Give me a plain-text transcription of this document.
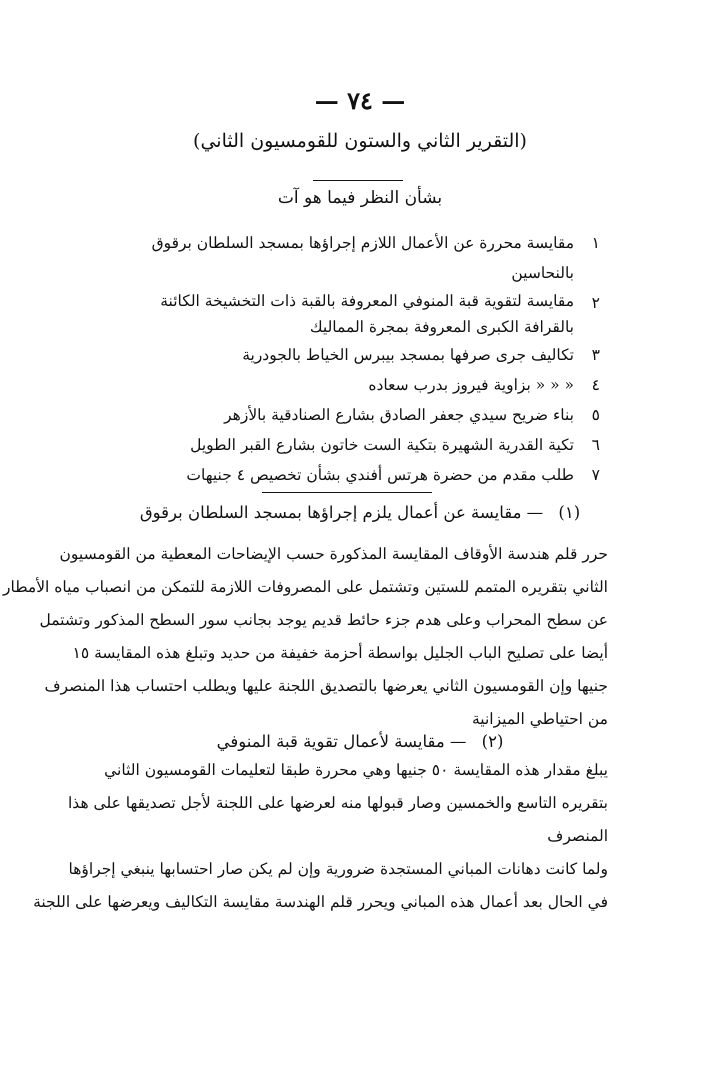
— ٧٤ —
(التقرير الثاني والستون للقومسيون الثاني)
بشأن النظر فيما هو آت
١
مقايسة محررة عن الأعمال اللازم إجراؤها بمسجد السلطان برقوق بالنحاسين
٢
مقايسة لتقوية قبة المنوفي المعروفة بالقبة ذات التخشيخة الكائنة بالقرافة الكبرى المعروفة بمجرة المماليك
٣
تكاليف جرى صرفها بمسجد بيبرس الخياط بالجودرية
٤
« « « بزاوية فيروز بدرب سعاده
٥
بناء ضريح سيدي جعفر الصادق بشارع الصنادقية بالأزهر
٦
تكية القدرية الشهيرة بتكية الست خاتون بشارع القبر الطويل
٧
طلب مقدم من حضرة هرتس أفندي بشأن تخصيص ٤ جنيهات
(١) — مقايسة عن أعمال يلزم إجراؤها بمسجد السلطان برقوق
حرر قلم هندسة الأوقاف المقايسة المذكورة حسب الإيضاحات المعطية من القومسيون
الثاني بتقريره المتمم للستين وتشتمل على المصروفات اللازمة للتمكن من انصباب مياه الأمطار
عن سطح المحراب وعلى هدم جزء حائط قديم يوجد بجانب سور السطح المذكور وتشتمل
أيضا على تصليح الباب الجليل بواسطة أحزمة خفيفة من حديد وتبلغ هذه المقايسة ١٥
جنيها وإن القومسيون الثاني يعرضها بالتصديق اللجنة عليها ويطلب احتساب هذا المنصرف
من احتياطي الميزانية
(٢) — مقايسة لأعمال تقوية قبة المنوفي
يبلغ مقدار هذه المقايسة ٥٠ جنيها وهي محررة طبقا لتعليمات القومسيون الثاني
بتقريره التاسع والخمسين وصار قبولها منه لعرضها على اللجنة لأجل تصديقها على هذا
المنصرف
ولما كانت دهانات المباني المستجدة ضرورية وإن لم يكن صار احتسابها ينبغي إجراؤها
في الحال بعد أعمال هذه المباني ويحرر قلم الهندسة مقايسة التكاليف ويعرضها على اللجنة
